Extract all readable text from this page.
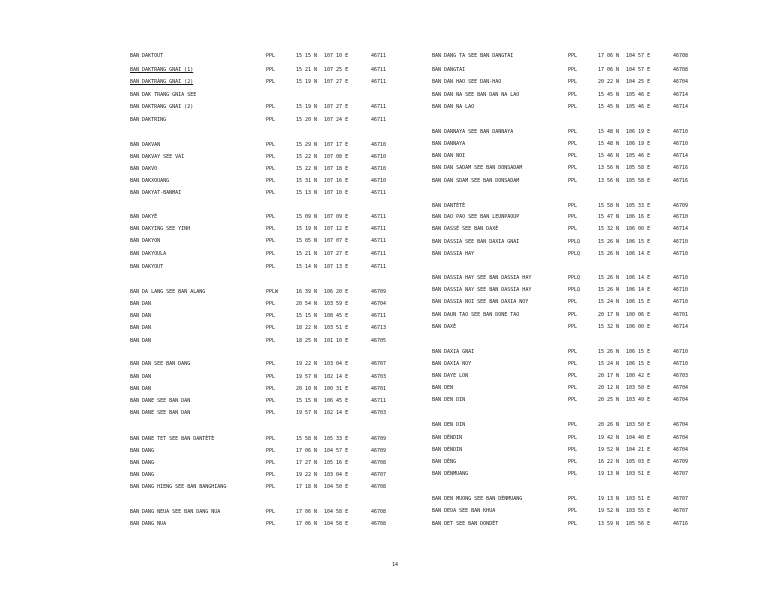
BAN DAKTOUT	PPL	15 15 N 107 10 E	46711
BAN DAKTRANG GNAI (1)	PPL	15 21 N 107 25 E	46711
BAN DAKTRANG GNAI (2)	PPL	15 19 N 107 27 E	46711
BAN DAK TRANG GNIA SEE
BAN DAKTRANG GNAI (2)	PPL	15 19 N 107 27 E	46711
BAN DAKTRING	PPL	15 20 N 107 24 E	46711
BAN DAKVAN	PPL	15 29 N 107 17 E	46710
BAN DAKVAY SEE VAI	PPL	15 22 N 107 08 E	46710
BAN DAKVO	PPL	15 22 N 107 18 E	46710
BAN DAKXOUANG	PPL	15 31 N 107 16 E	46710
BAN DAKYAT-BANMAI	PPL	15 13 N 107 10 E	46711
BAN DAKYÈ	PPL	15 09 N 107 09 E	46711
BAN DAKYING SEE YINH	PPL	15 19 N 107 12 E	46711
BAN DAKYON	PPL	15 05 N 107 07 E	46711
BAN DAKYOULA	PPL	15 21 N 107 27 E	46711
BAN DAKYOUT	PPL	15 14 N 107 13 E	46711
BAN DA LANG SEE BAN ALANG	PPLW	16 39 N 106 20 E	46709
BAN DAN	PPL	20 54 N 103 59 E	46704
BAN DAN	PPL	15 15 N 108 45 E	46711
BAN DAN	PPL	18 22 N 103 51 E	46713
BAN DAN	PPL	18 25 N 101 10 E	46705
BAN DAN SEE BAN DANG	PPL	19 22 N 103 04 E	46707
BAN DAN	PPL	19 57 N 102 14 E	46703
BAN DAN	PPL	20 10 N 100 31 E	46701
BAN DANE SEE BAN DAN	PPL	15 15 N 106 45 E	46711
BAN DANE SEE BAN DAN	PPL	19 57 N 102 14 E	46703
BAN DANE TET SEE BAN DANTÈTÈ	PPL	15 58 N 105 33 E	46709
BAN DANG	PPL	17 06 N 104 57 E	46709
BAN DANG	PPL	17 27 N 105 16 E	46708
BAN DANG	PPL	19 22 N 103 04 E	46707
BAN DANG HIENG SEE BAN BANGHIANG	PPL	17 18 N 104 50 E	46708
BAN DANG NEUA SEE BAN DANG NUA	PPL	17 06 N 104 58 E	46708
BAN DANG NUA	PPL	17 06 N 104 58 E	46708
BAN DANG TA SEE BAN DANGTAI	PPL	17 06 N 104 57 E	46708
BAN DANGTAI	PPL	17 06 N 104 57 E	46708
BAN DAN HAO SEE DAN-HAO	PPL	20 22 N 104 25 E	46704
BAN DAN NA SEE BAN DAN NA LAO	PPL	15 45 N 105 46 E	46714
BAN DAN NA LAO	PPL	15 45 N 105 46 E	46714
BAN DANNAYA SEE BAN DANNAYA	PPL	15 48 N 106 19 E	46710
BAN DANNAYA	PPL	15 48 N 106 19 E	46710
BAN DAN NOI	PPL	15 46 N 105 46 E	46714
BAN DAN SADAM SEE BAN DONSADAM	PPL	13 56 N 105 58 E	46716
BAN DAN SDAM SEE BAN DONSADAM	PPL	13 56 N 105 58 E	46716
BAN DANTÈTÈ	PPL	15 58 N 105 33 E	46709
BAN DAO PAO SEE BAN LEUNPAOUP	PPL	15 47 N 106 16 E	46710
BAN DASSÈ SEE BAN DAXÈ	PPL	15 32 N 106 00 E	46714
BAN DASSIA SEE BAN DAXIA GNAI	PPLQ	15 26 N 106 15 E	46710
BAN DASSIA HAY	PPLQ	15 26 N 106 14 E	46710
BAN DASSIA HAY SEE BAN DASSIA HAY	PPLQ	15 26 N 106 14 E	46710
BAN DASSIA NAY SEE BAN DASSIA HAY	PPLQ	15 26 N 106 14 E	46710
BAN DASSIA NOI SEE BAN DAXIA NOY	PPL	15 24 N 106 15 E	46710
BAN DAUN TAO SEE BAN DONE TAO	PPL	20 17 N 100 06 E	46701
BAN DAXÈ	PPL	15 32 N 106 00 E	46714
BAN DAXIA GNAI	PPL	15 26 N 106 15 E	46710
BAN DAXIA NOY	PPL	15 24 N 106 15 E	46710
BAN DAYE LON	PPL	20 17 N 100 42 E	46703
BAN DEN	PPL	20 12 N 103 50 E	46704
BAN DEN DIN	PPL	20 25 N 103 49 E	46704
BAN DEN DIN	PPL	20 26 N 103 50 E	46704
BAN DÈNDIN	PPL	19 42 N 104 40 E	46704
BAN DÈNDIN	PPL	19 52 N 104 21 E	46704
BAN DÈNG	PPL	16 22 N 105 03 E	46709
BAN DÈNMUANG	PPL	19 13 N 103 51 E	46707
BAN DEN MUONG SEE BAN DÈNMUANG	PPL	19 13 N 103 51 E	46707
BAN DEOA SEE BAN KHUA	PPL	19 52 N 103 55 E	46707
BAN DET SEE BAN DONDÈT	PPL	13 59 N 105 56 E	46716
14
